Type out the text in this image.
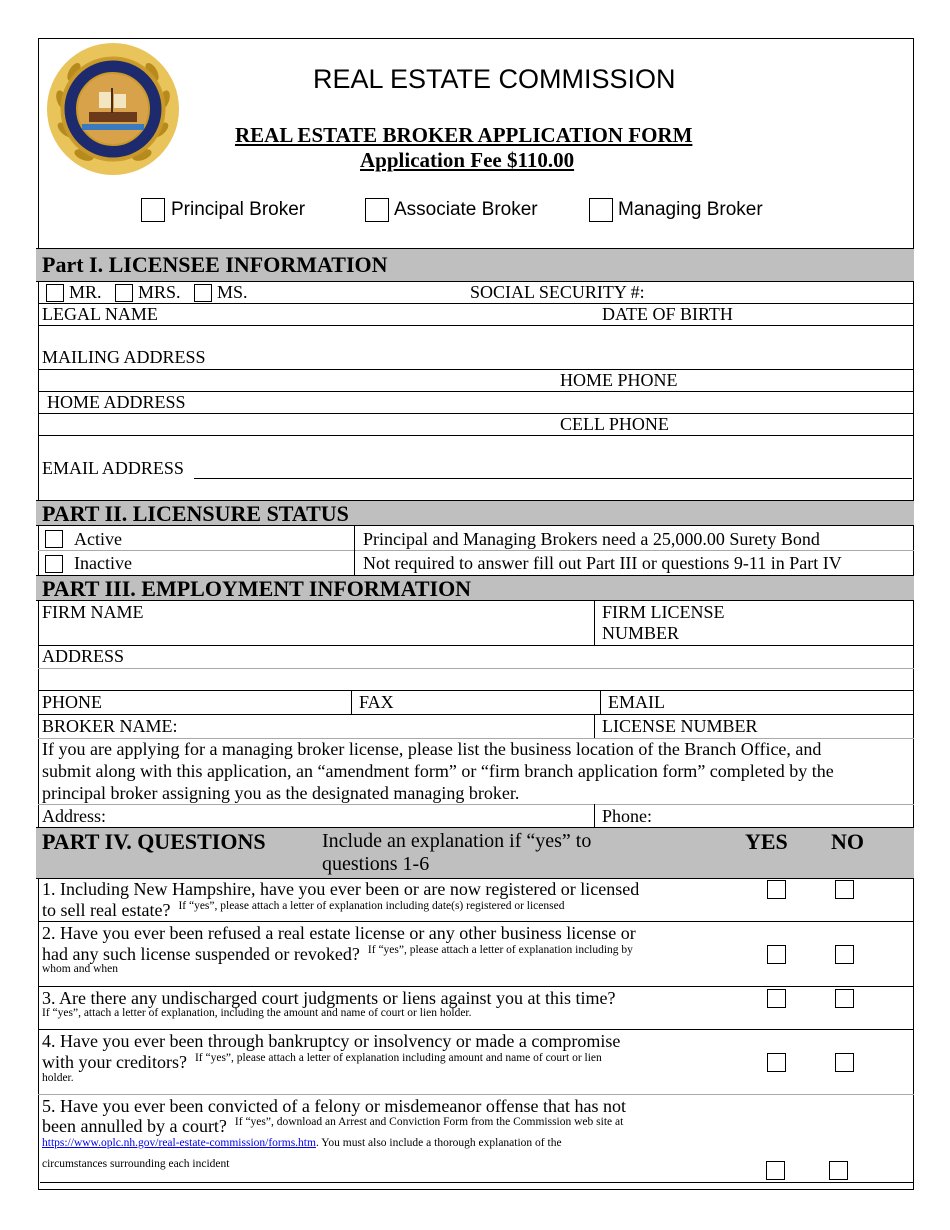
REAL ESTATE COMMISSION
REAL ESTATE BROKER APPLICATION FORM
Application Fee $110.00
Principal Broker	Associate Broker	Managing Broker
Part I. LICENSEE INFORMATION
MR. MRS. MS.	SOCIAL SECURITY #:
LEGAL NAME	DATE OF BIRTH
MAILING ADDRESS
HOME PHONE
HOME ADDRESS
CELL PHONE
EMAIL ADDRESS
PART II. LICENSURE STATUS
Active	Principal and Managing Brokers need a 25,000.00 Surety Bond
Inactive	Not required to answer fill out Part III or questions 9-11 in Part IV
PART III. EMPLOYMENT INFORMATION
FIRM NAME	FIRM LICENSE
NUMBER
ADDRESS
PHONE	FAX	EMAIL
BROKER NAME:	LICENSE NUMBER
If you are applying for a managing broker license, please list the business location of the Branch Office, and
submit along with this application, an “amendment form” or “firm branch application form” completed by the
principal broker assigning you as the designated managing broker.
Address:	Phone:
PART IV. QUESTIONS	Include an explanation if “yes” to
questions 1-6
YES NO
1. Including New Hampshire, have you ever been or are now registered or licensed
to sell real estate? $^{If “yes”, please attach a letter of explanation including date(s) registered or licensed}$
2. Have you ever been refused a real estate license or any other business license or
had any such license suspended or revoked? $^{If “yes”, please attach a letter of explanation including by}$
whom and when
3. Are there any undischarged court judgments or liens against you at this time?
If “yes”, attach a letter of explanation, including the amount and name of court or lien holder.
4. Have you ever been through bankruptcy or insolvency or made a compromise
with your creditors? $^{If “yes”, please attach a letter of explanation including amount and name of court or lien}$
holder.
5. Have you ever been convicted of a felony or misdemeanor offense that has not
been annulled by a court? $^{If “yes”, download an Arrest and Conviction Form from the Commission web site at}$
https://www.oplc.nh.gov/real-estate-commission/forms.htm. You must also include a thorough explanation of the
circumstances surrounding each incident
